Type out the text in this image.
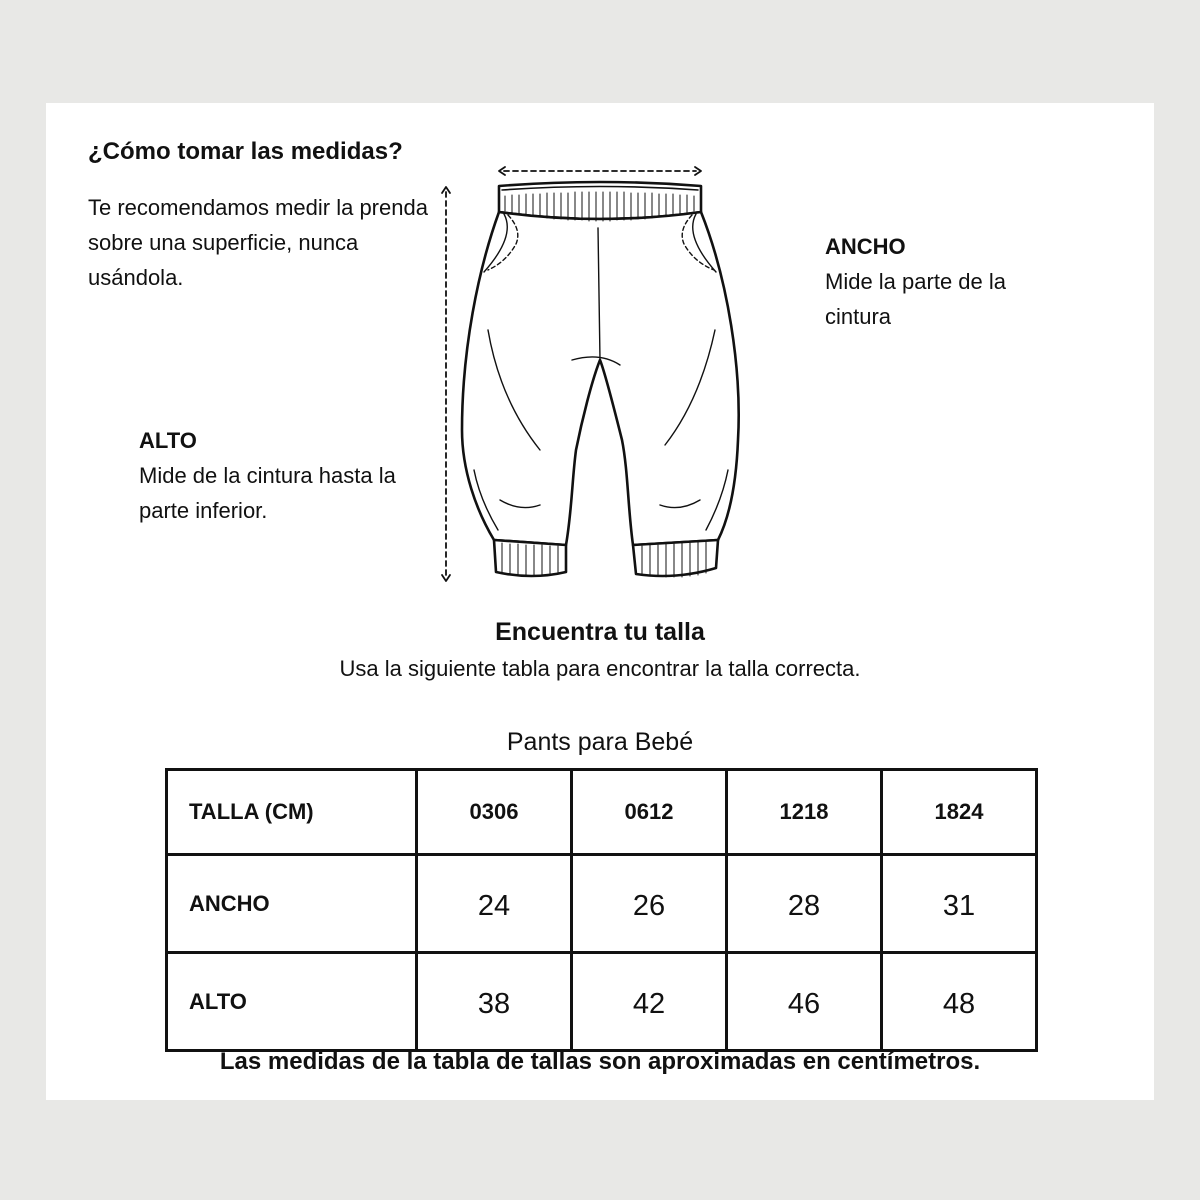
¿Cómo tomar las medidas?
Te recomendamos medir la prenda sobre una superficie, nunca usándola.
ANCHO
Mide la parte de la cintura
ALTO
Mide de la cintura hasta la parte inferior.
Encuentra tu talla
Usa la siguiente tabla para encontrar la talla correcta.
Pants para Bebé
TALLA (CM)	0306	0612	1218	1824
ANCHO	24	26	28	31
ALTO	38	42	46	48
Las medidas de la tabla de tallas son aproximadas en centímetros.
